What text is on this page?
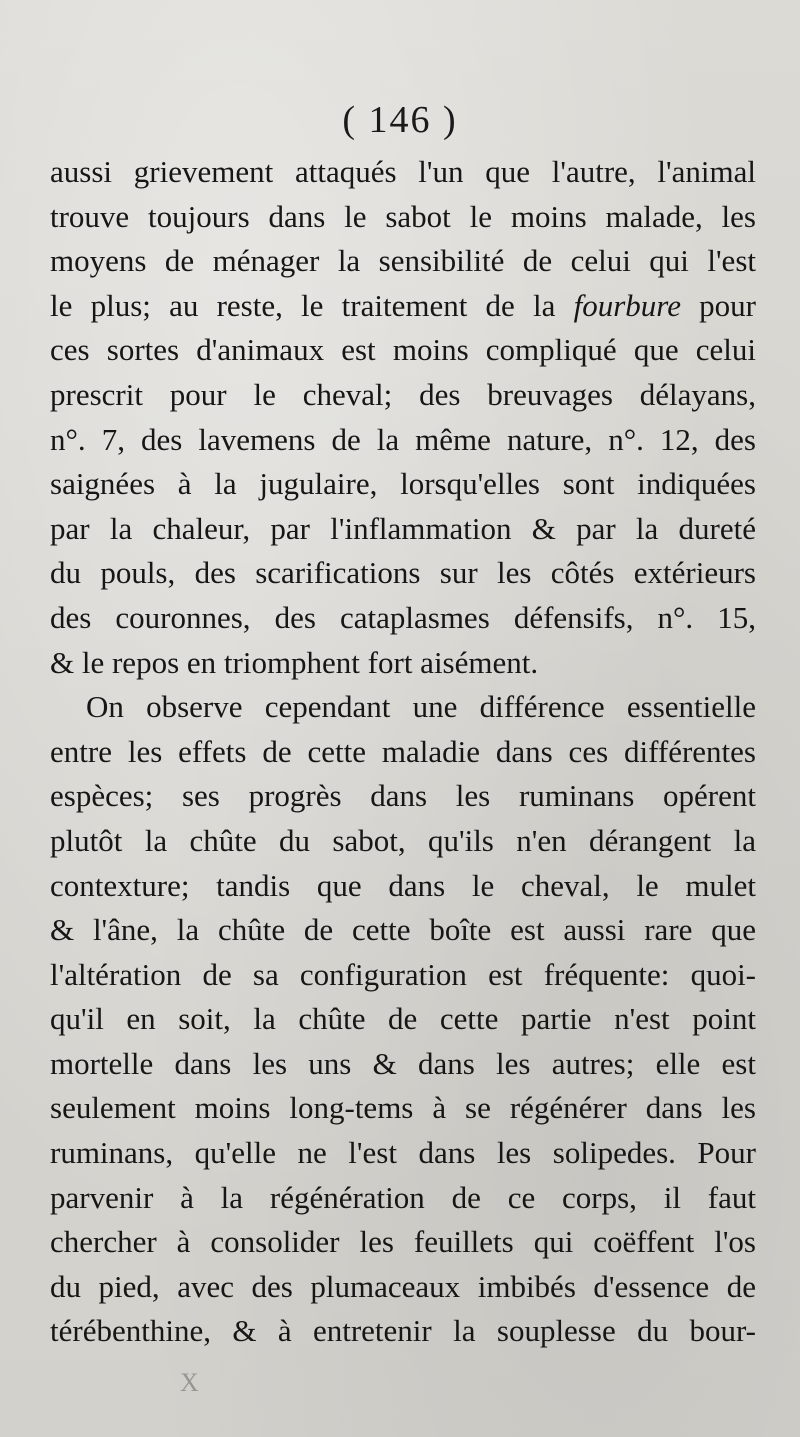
( 146 )
aussi grievement attaqués l'un que l'autre, l'animal
trouve toujours dans le sabot le moins malade, les
moyens de ménager la sensibilité de celui qui l'est
le plus; au reste, le traitement de la fourbure pour
ces sortes d'animaux est moins compliqué que celui
prescrit pour le cheval; des breuvages délayans,
n°. 7, des lavemens de la même nature, n°. 12, des
saignées à la jugulaire, lorsqu'elles sont indiquées
par la chaleur, par l'inflammation & par la dureté
du pouls, des scarifications sur les côtés extérieurs
des couronnes, des cataplasmes défensifs, n°. 15,
& le repos en triomphent fort aisément.
On observe cependant une différence essentielle
entre les effets de cette maladie dans ces différentes
espèces; ses progrès dans les ruminans opérent
plutôt la chûte du sabot, qu'ils n'en dérangent la
contexture; tandis que dans le cheval, le mulet
& l'âne, la chûte de cette boîte est aussi rare que
l'altération de sa configuration est fréquente: quoi-
qu'il en soit, la chûte de cette partie n'est point
mortelle dans les uns & dans les autres; elle est
seulement moins long-tems à se régénérer dans les
ruminans, qu'elle ne l'est dans les solipedes. Pour
parvenir à la régénération de ce corps, il faut
chercher à consolider les feuillets qui coëffent l'os
du pied, avec des plumaceaux imbibés d'essence de
térébenthine, & à entretenir la souplesse du bour-
X
